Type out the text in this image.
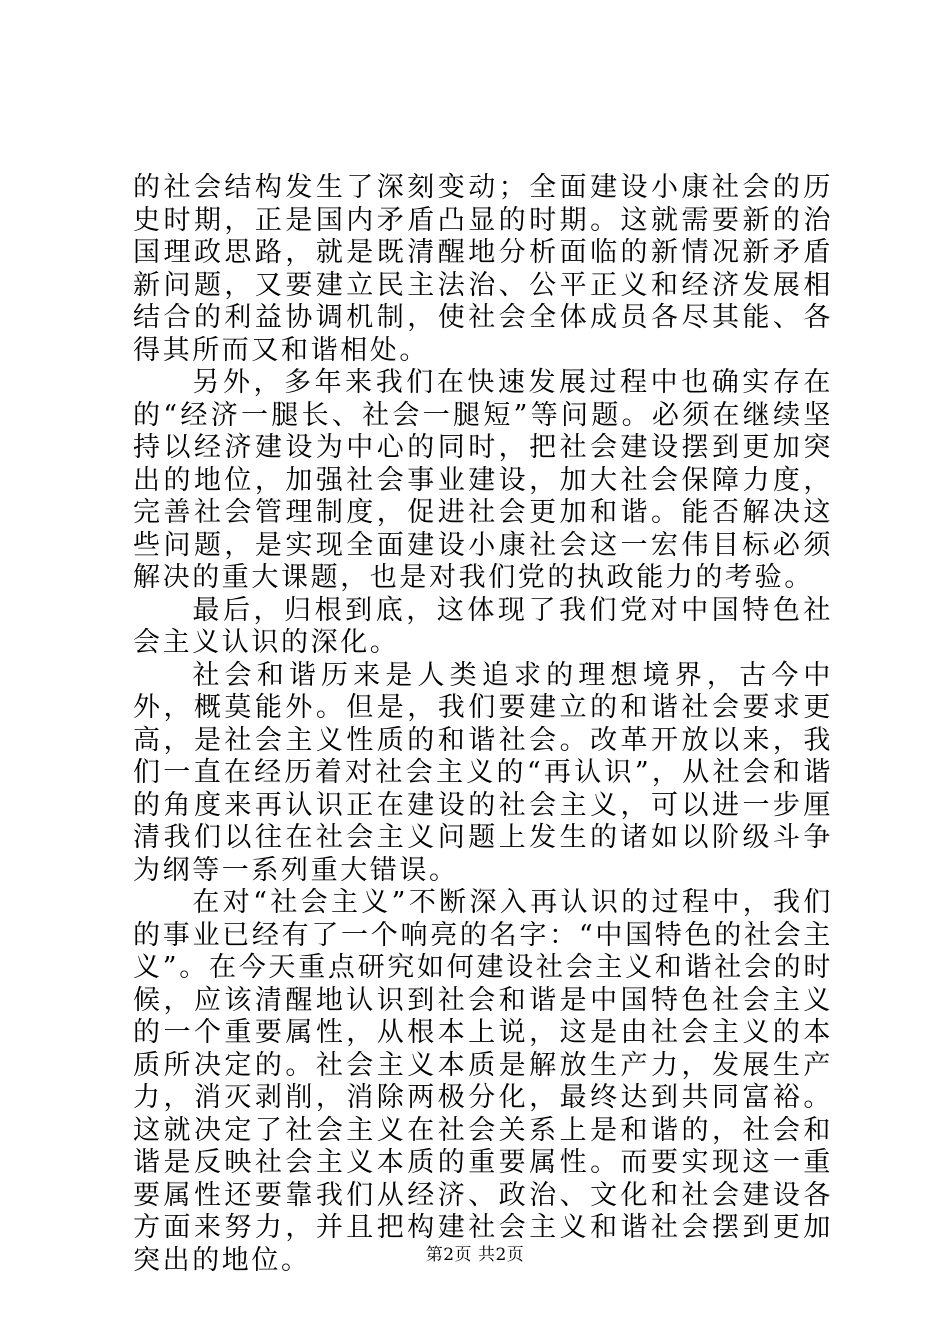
的社会结构发生了深刻变动；全面建设小康社会的历史时期，正是国内矛盾凸显的时期。这就需要新的治国理政思路，就是既清醒地分析面临的新情况新矛盾新问题，又要建立民主法治、公平正义和经济发展相结合的利益协调机制，使社会全体成员各尽其能、各得其所而又和谐相处。

另外，多年来我们在快速发展过程中也确实存在的“经济一腿长、社会一腿短”等问题。必须在继续坚持以经济建设为中心的同时，把社会建设摆到更加突出的地位，加强社会事业建设，加大社会保障力度，完善社会管理制度，促进社会更加和谐。能否解决这些问题，是实现全面建设小康社会这一宏伟目标必须解决的重大课题，也是对我们党的执政能力的考验。

最后，归根到底，这体现了我们党对中国特色社会主义认识的深化。

社会和谐历来是人类追求的理想境界，古今中外，概莫能外。但是，我们要建立的和谐社会要求更高，是社会主义性质的和谐社会。改革开放以来，我们一直在经历着对社会主义的“再认识”，从社会和谐的角度来再认识正在建设的社会主义，可以进一步厘清我们以往在社会主义问题上发生的诸如以阶级斗争为纲等一系列重大错误。

在对“社会主义”不断深入再认识的过程中，我们的事业已经有了一个响亮的名字：“中国特色的社会主义”。在今天重点研究如何建设社会主义和谐社会的时候，应该清醒地认识到社会和谐是中国特色社会主义的一个重要属性，从根本上说，这是由社会主义的本质所决定的。社会主义本质是解放生产力，发展生产力，消灭剥削，消除两极分化，最终达到共同富裕。这就决定了社会主义在社会关系上是和谐的，社会和谐是反映社会主义本质的重要属性。而要实现这一重要属性还要靠我们从经济、政治、文化和社会建设各方面来努力，并且把构建社会主义和谐社会摆到更加突出的地位。	第2页 共2页
